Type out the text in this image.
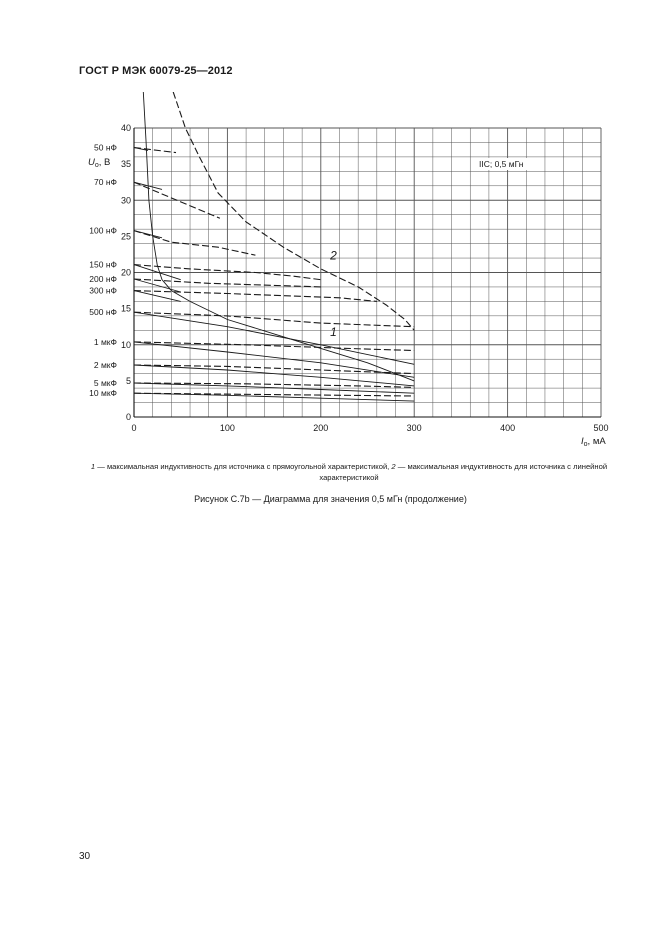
ГОСТ Р МЭК 60079-25—2012
0	100	200	300	400	500
0
5
10
15
20
25
30
35
40
50 нФ
70 нФ
100 нФ
150 нФ
200 нФ
300 нФ
500 нФ
1 мкФ
2 мкФ
5 мкФ
10 мкФ
IIC; 0,5 мГн
2
1
$U_o$, В
$I_o$, мА
1 — максимальная индуктивность для источника с прямоугольной характеристикой, 2 — максимальная индуктивность для источника с линейной характеристикой
Рисунок С.7b — Диаграмма для значения 0,5 мГн (продолжение)
30
